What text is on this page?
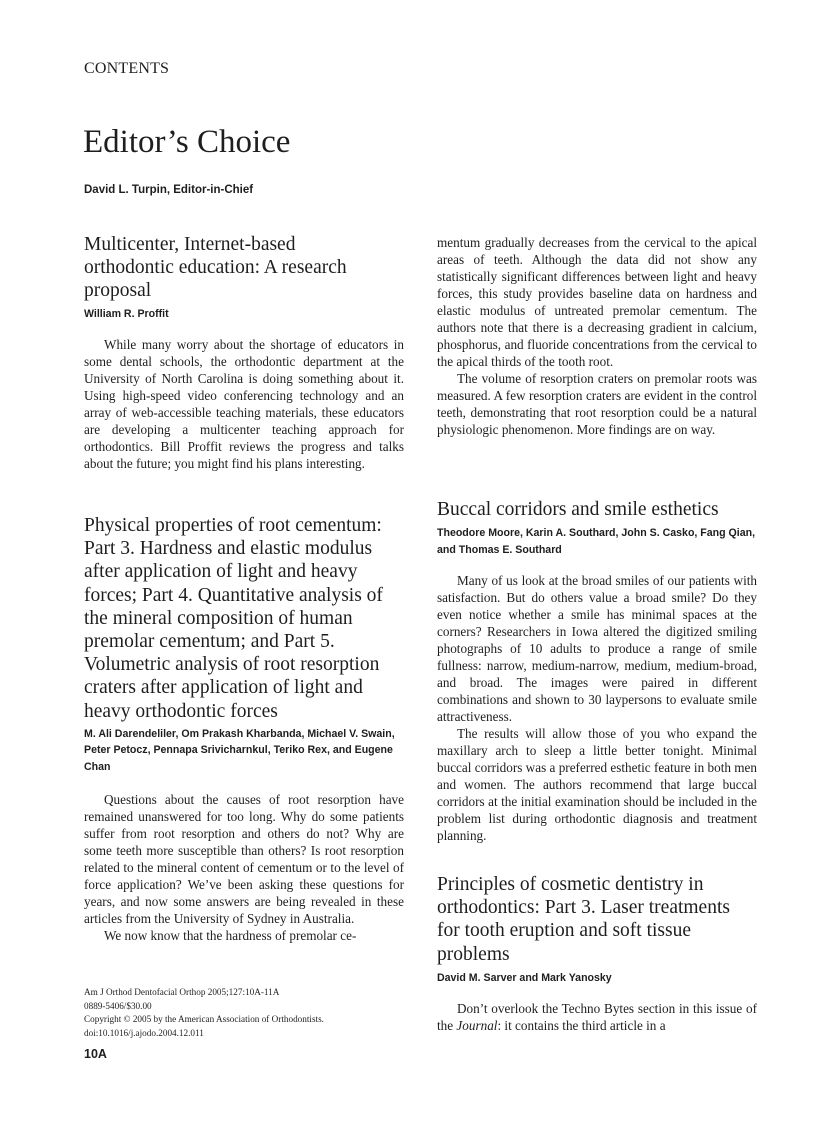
CONTENTS
Editor’s Choice
David L. Turpin, Editor-in-Chief
Multicenter, Internet-based
orthodontic education: A research
proposal
William R. Proffit

While many worry about the shortage of educators in some dental schools, the orthodontic department at the University of North Carolina is doing something about it. Using high-speed video conferencing technology and an array of web-accessible teaching materials, these educators are developing a multicenter teaching approach for orthodontics. Bill Proffit reviews the progress and talks about the future; you might find his plans interesting.

Physical properties of root cementum:
Part 3. Hardness and elastic modulus
after application of light and heavy
forces; Part 4. Quantitative analysis of
the mineral composition of human
premolar cementum; and Part 5.
Volumetric analysis of root resorption
craters after application of light and
heavy orthodontic forces
M. Ali Darendeliler, Om Prakash Kharbanda, Michael V. Swain, Peter Petocz, Pennapa Srivicharnkul, Teriko Rex, and Eugene Chan

Questions about the causes of root resorption have remained unanswered for too long. Why do some patients suffer from root resorption and others do not? Why are some teeth more susceptible than others? Is root resorption related to the mineral content of cementum or to the level of force application? We’ve been asking these questions for years, and now some answers are being revealed in these articles from the University of Sydney in Australia.

We now know that the hardness of premolar ce-

Am J Orthod Dentofacial Orthop 2005;127:10A-11A
0889-5406/$30.00
Copyright © 2005 by the American Association of Orthodontists.
doi:10.1016/j.ajodo.2004.12.011
10A

mentum gradually decreases from the cervical to the apical areas of teeth. Although the data did not show any statistically significant differences between light and heavy forces, this study provides baseline data on hardness and elastic modulus of untreated premolar cementum. The authors note that there is a decreasing gradient in calcium, phosphorus, and fluoride concentrations from the cervical to the apical thirds of the tooth root.

The volume of resorption craters on premolar roots was measured. A few resorption craters are evident in the control teeth, demonstrating that root resorption could be a natural physiologic phenomenon. More findings are on way.

Buccal corridors and smile esthetics
Theodore Moore, Karin A. Southard, John S. Casko, Fang Qian, and Thomas E. Southard

Many of us look at the broad smiles of our patients with satisfaction. But do others value a broad smile? Do they even notice whether a smile has minimal spaces at the corners? Researchers in Iowa altered the digitized smiling photographs of 10 adults to produce a range of smile fullness: narrow, medium-narrow, medium, medium-broad, and broad. The images were paired in different combinations and shown to 30 laypersons to evaluate smile attractiveness.

The results will allow those of you who expand the maxillary arch to sleep a little better tonight. Minimal buccal corridors was a preferred esthetic feature in both men and women. The authors recommend that large buccal corridors at the initial examination should be included in the problem list during orthodontic diagnosis and treatment planning.

Principles of cosmetic dentistry in
orthodontics: Part 3. Laser treatments
for tooth eruption and soft tissue
problems
David M. Sarver and Mark Yanosky

Don’t overlook the Techno Bytes section in this issue of the Journal: it contains the third article in a
